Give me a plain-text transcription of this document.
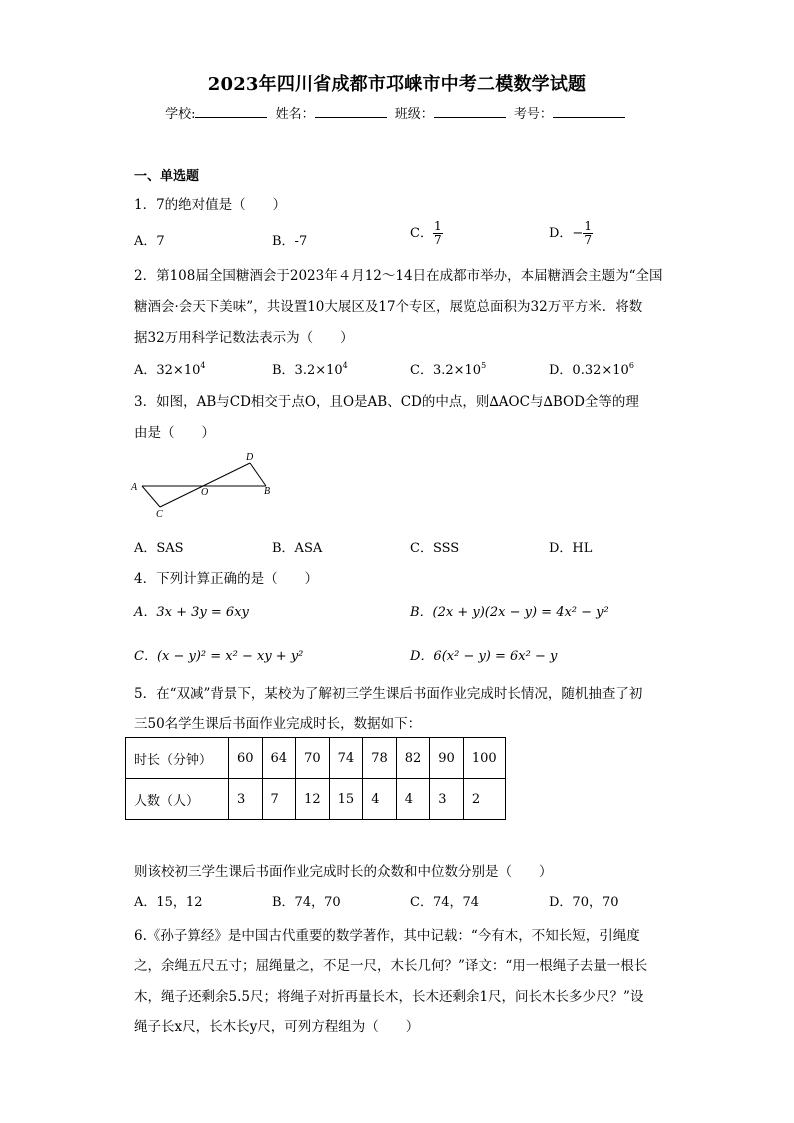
2023年四川省成都市邛崃市中考二模数学试题
学校:	姓名：	班级：	考号：
一、单选题
1．7的绝对值是（　　）
A．7	B．-7
C． $\frac{1}{7}$	D．− $\frac{1}{7}$
2．第108届全国糖酒会于2023年４月12～14日在成都市举办，本届糖酒会主题为“全国
糖酒会·会天下美味”，共设置10大展区及17个专区，展览总面积为32万平方米．将数
据32万用科学记数法表示为（　　）
A．$32\times 10^4$	B．$3.2\times 10^4$	C．$3.2\times 10^5$	D．$0.32\times 10^6$
3．如图，AB与CD相交于点O，且O是AB、CD的中点，则∆AOC与∆BOD全等的理
由是（　　）
A	B
C
D
O
A．SAS	B．ASA	C．SSS	D．HL
4．下列计算正确的是（　　）
A．3x + 3y = 6xy	B．(2x + y)(2x − y) = 4x² − y²
C．(x − y)² = x² − xy + y²	D．6(x² − y) = 6x² − y
5．在“双减”背景下，某校为了解初三学生课后书面作业完成时长情况，随机抽查了初
三50名学生课后书面作业完成时长，数据如下：
时长（分钟）	60	64	70	74	78	82	90	100
人数（人）	3	7	12	15	4	4	3	2
则该校初三学生课后书面作业完成时长的众数和中位数分别是（　　）
A．15，12	B．74，70	C．74，74	D．70，70
6.《孙子算经》是中国古代重要的数学著作，其中记载：“今有木，不知长短，引绳度
之，余绳五尺五寸；屈绳量之，不足一尺，木长几何？”译文：“用一根绳子去量一根长
木，绳子还剩余5.5尺；将绳子对折再量长木，长木还剩余1尺，问长木长多少尺？”设
绳子长x尺，长木长y尺，可列方程组为（　　）
